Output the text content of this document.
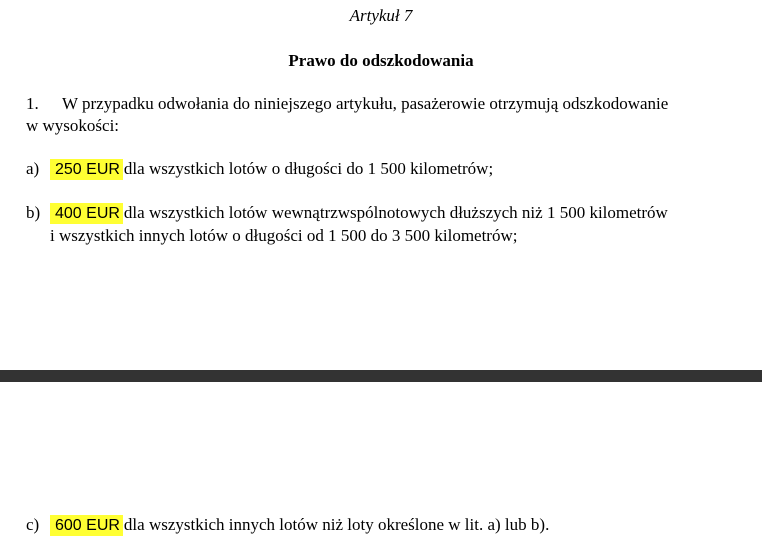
Artykuł 7
Prawo do odszkodowania
1. W przypadku odwołania do niniejszego artykułu, pasażerowie otrzymują odszkodowanie
w wysokości:
a) 250 EUR dla wszystkich lotów o długości do 1 500 kilometrów;
b) 400 EUR dla wszystkich lotów wewnątrzwspólnotowych dłuższych niż 1 500 kilometrów
i wszystkich innych lotów o długości od 1 500 do 3 500 kilometrów;
c) 600 EUR dla wszystkich innych lotów niż loty określone w lit. a) lub b).
